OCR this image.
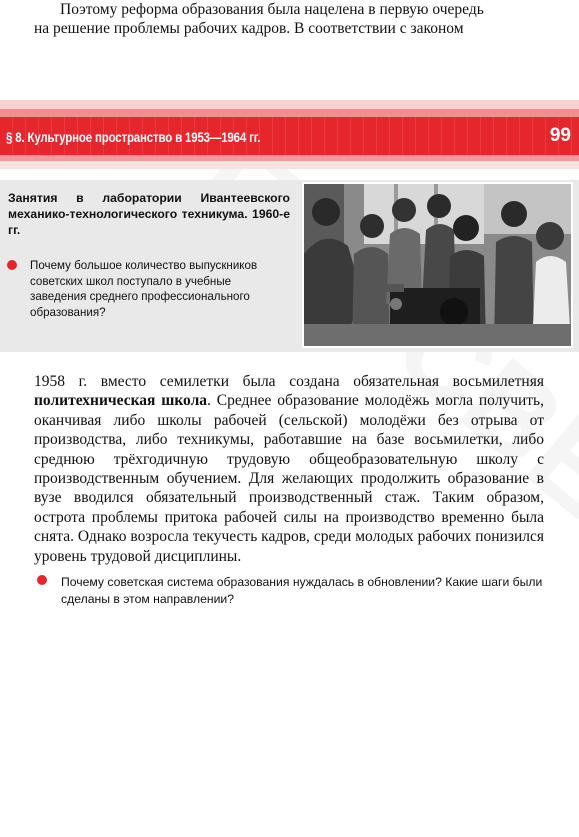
Поэтому реформа образования была нацелена в первую очередь

на решение проблемы рабочих кадров. В соответствии с законом

§ 8. Культурное пространство в 1953—1964 гг.	99
Занятия в лаборатории Ивантеевского механико-технологического техникума. 1960-е гг.
Почему большое количество выпускников советских школ поступало в учебные заведения среднего профессионального образования?

1958 г. вместо семилетки была создана обязательная восьмилетняя политехническая школа. Среднее образование молодёжь могла получить, оканчивая либо школы рабочей (сельской) молодёжи без отрыва от производства, либо техникумы, работавшие на базе восьмилетки, либо среднюю трёхгодичную трудовую общеобразовательную школу с производственным обучением. Для желающих продолжить образование в вузе вводился обязательный производственный стаж. Таким образом, острота проблемы притока рабочей силы на производство временно была снята. Однако возросла текучесть кадров, среди молодых рабочих понизился уровень трудовой дисциплины.

Почему советская система образования нуждалась в обновлении? Какие шаги были сделаны в этом направлении?
